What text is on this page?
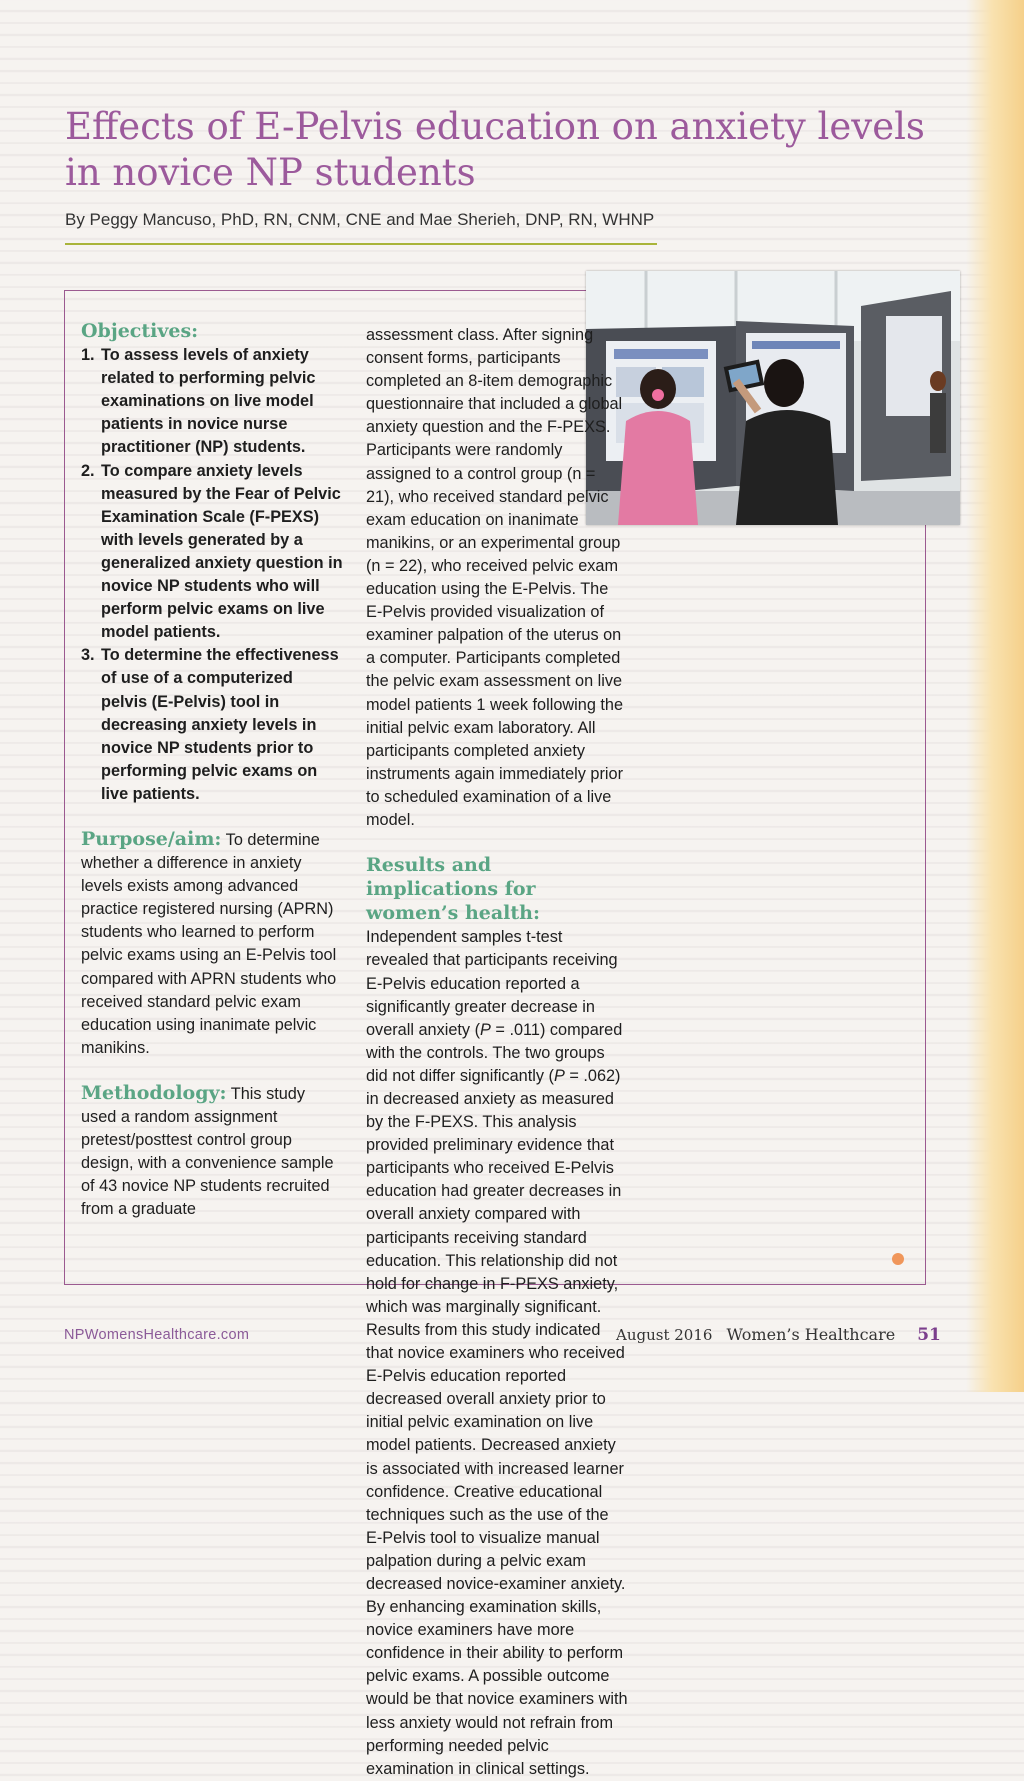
Effects of E-Pelvis education on anxiety levels in novice NP students

By Peggy Mancuso, PhD, RN, CNM, CNE and Mae Sherieh, DNP, RN, WHNP

Objectives:
1. To assess levels of anxiety related to performing pelvic examinations on live model patients in novice nurse practitioner (NP) students.
2. To compare anxiety levels measured by the Fear of Pelvic Examination Scale (F-PEXS) with levels generated by a generalized anxiety question in novice NP students who will perform pelvic exams on live model patients.
3. To determine the effectiveness of use of a computerized pelvis (E-Pelvis) tool in decreasing anxiety levels in novice NP students prior to performing pelvic exams on live patients.

Purpose/aim: To determine whether a difference in anxiety levels exists among advanced practice registered nursing (APRN) students who learned to perform pelvic exams using an E-Pelvis tool compared with APRN students who received standard pelvic exam education using inanimate pelvic manikins.

Methodology: This study used a random assignment pretest/posttest control group design, with a convenience sample of 43 novice NP students recruited from a graduate

assessment class. After signing consent forms, participants completed an 8-item demographic questionnaire that included a global anxiety question and the F-PEXS. Participants were randomly assigned to a control group (n = 21), who received standard pelvic exam education on inanimate manikins, or an experimental group (n = 22), who received pelvic exam education using the E-Pelvis. The E-Pelvis provided visualization of examiner palpation of the uterus on a computer. Participants completed the pelvic exam assessment on live model patients 1 week following the initial pelvic exam laboratory. All participants completed anxiety instruments again immediately prior to scheduled examination of a live model.

Results and implications for women’s health: Independent samples t-test revealed that participants receiving E-Pelvis education reported a significantly greater decrease in overall anxiety (P = .011) compared with the controls. The two groups did not differ significantly (P = .062) in decreased anxiety as measured by the F-PEXS. This analysis provided preliminary evidence that participants who received E-Pelvis education had greater decreases in overall anxiety compared with participants receiving standard education. This relationship did not hold for change in F-PEXS anxiety, which was marginally significant. Results from this study indicated that novice examiners who received E-Pelvis education reported decreased overall anxiety prior to initial pelvic examination on live model patients. Decreased anxiety is associated with increased learner confidence. Creative educational techniques such as the use of the E-Pelvis tool to visualize manual palpation during a pelvic exam decreased novice-examiner anxiety. By enhancing examination skills, novice examiners have more confidence in their ability to perform pelvic exams. A possible outcome would be that novice examiners with less anxiety would not refrain from performing needed pelvic examination in clinical settings.

NPWomensHealthcare.com	August 2016 Women’s Healthcare 51
